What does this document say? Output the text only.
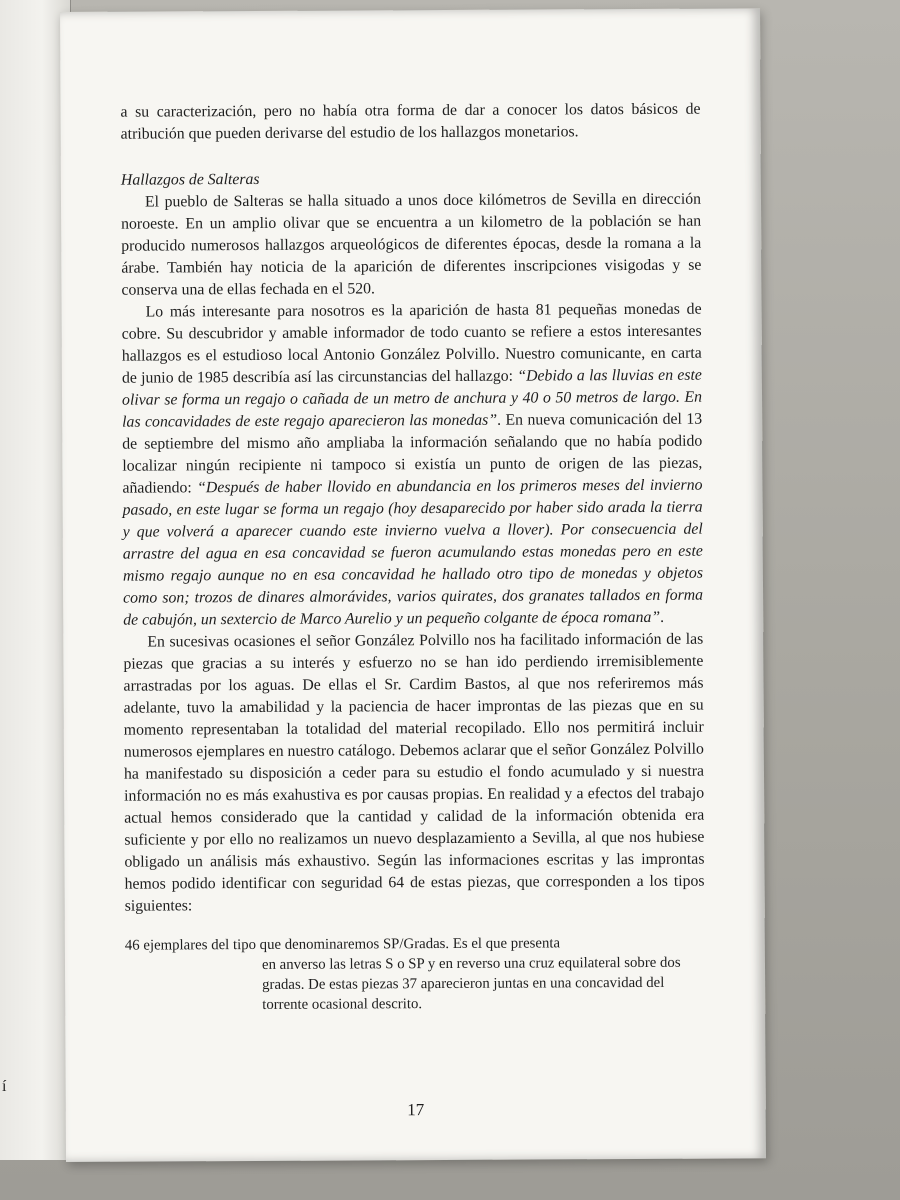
í

a su caracterización, pero no había otra forma de dar a conocer los datos básicos de atribución que pueden derivarse del estudio de los hallazgos monetarios.

Hallazgos de Salteras

El pueblo de Salteras se halla situado a unos doce kilómetros de Sevilla en dirección noroeste. En un amplio olivar que se encuentra a un kilometro de la población se han producido numerosos hallazgos arqueológicos de diferentes épocas, desde la romana a la árabe. También hay noticia de la aparición de diferentes inscripciones visigodas y se conserva una de ellas fechada en el 520.

Lo más interesante para nosotros es la aparición de hasta 81 pequeñas monedas de cobre. Su descubridor y amable informador de todo cuanto se refiere a estos interesantes hallazgos es el estudioso local Antonio González Polvillo. Nuestro comunicante, en carta de junio de 1985 describía así las circunstancias del hallazgo: “Debido a las lluvias en este olivar se forma un regajo o cañada de un metro de anchura y 40 o 50 metros de largo. En las concavidades de este regajo aparecieron las monedas”. En nueva comunicación del 13 de septiembre del mismo año ampliaba la información señalando que no había podido localizar ningún recipiente ni tampoco si existía un punto de origen de las piezas, añadiendo: “Después de haber llovido en abundancia en los primeros meses del invierno pasado, en este lugar se forma un regajo (hoy desaparecido por haber sido arada la tierra y que volverá a aparecer cuando este invierno vuelva a llover). Por consecuencia del arrastre del agua en esa concavidad se fueron acumulando estas monedas pero en este mismo regajo aunque no en esa concavidad he hallado otro tipo de monedas y objetos como son; trozos de dinares almorávides, varios quirates, dos granates tallados en forma de cabujón, un sextercio de Marco Aurelio y un pequeño colgante de época romana”.

En sucesivas ocasiones el señor González Polvillo nos ha facilitado información de las piezas que gracias a su interés y esfuerzo no se han ido perdiendo irremisiblemente arrastradas por los aguas. De ellas el Sr. Cardim Bastos, al que nos referiremos más adelante, tuvo la amabilidad y la paciencia de hacer improntas de las piezas que en su momento representaban la totalidad del material recopilado. Ello nos permitirá incluir numerosos ejemplares en nuestro catálogo. Debemos aclarar que el señor González Polvillo ha manifestado su disposición a ceder para su estudio el fondo acumulado y si nuestra información no es más exahustiva es por causas propias. En realidad y a efectos del trabajo actual hemos considerado que la cantidad y calidad de la información obtenida era suficiente y por ello no realizamos un nuevo desplazamiento a Sevilla, al que nos hubiese obligado un análisis más exhaustivo. Según las informaciones escritas y las improntas hemos podido identificar con seguridad 64 de estas piezas, que corresponden a los tipos siguientes:

46 ejemplares del tipo que denominaremos SP/Gradas. Es el que presenta
en anverso las letras S o SP y en reverso una cruz equilateral sobre dos gradas. De estas piezas 37 aparecieron juntas en una concavidad del torrente ocasional descrito.

17
